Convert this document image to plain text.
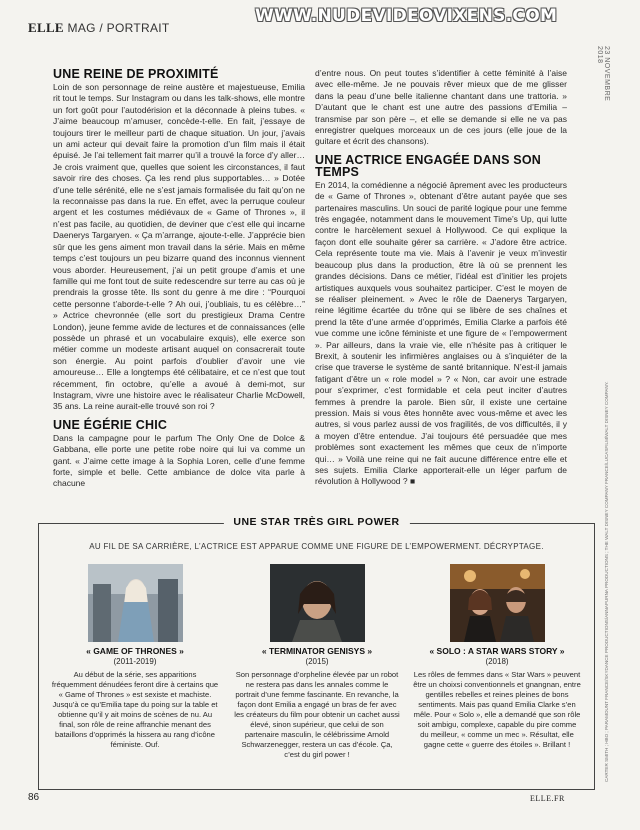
ELLE MAG / PORTRAIT
WWW.NUDEVIDEOVIXENS.COM
23 NOVEMBRE 2018
CARTER SMITH ; HBO ; PARAMOUNT FRANCE/SKYDANCE PRODUCTIONS/ANNAPURNA PRODUCTIONS ; THE WALT DISNEY COMPANY FRANCE/LUCASFILM/WALT DISNEY COMPANY.
UNE REINE DE PROXIMITÉ

Loin de son personnage de reine austère et majestueuse, Emilia rit tout le temps. Sur Instagram ou dans les talk-shows, elle montre un fort goût pour l’autodérision et la déconnade à pleins tubes. « J’aime beaucoup m’amuser, concède-t-elle. En fait, j’essaye de toujours tirer le meilleur parti de chaque situation. Un jour, j’avais un ami acteur qui devait faire la promotion d’un film mais il était épuisé. Je l’ai tellement fait marrer qu’il a trouvé la force d’y aller… Je crois vraiment que, quelles que soient les circonstances, il faut savoir rire des choses. Ça les rend plus supportables… » Dotée d’une telle sérénité, elle ne s’est jamais formalisée du fait qu’on ne la reconnaisse pas dans la rue. En effet, avec la perruque couleur argent et les costumes médiévaux de « Game of Thrones », il n’est pas facile, au quotidien, de deviner que c’est elle qui incarne Daenerys Targaryen. « Ça m’arrange, ajoute-t-elle. J’apprécie bien sûr que les gens aiment mon travail dans la série. Mais en même temps c’est toujours un peu bizarre quand des inconnus viennent vous aborder. Heureusement, j’ai un petit groupe d’amis et une famille qui me font tout de suite redescendre sur terre au cas où je prendrais la grosse tête. Ils sont du genre à me dire : “Pourquoi cette personne t’aborde-t-elle ? Ah oui, j’oubliais, tu es célèbre…” » Actrice chevronnée (elle sort du prestigieux Drama Centre London), jeune femme avide de lectures et de connaissances (elle possède un phrasé et un vocabulaire exquis), elle exerce son métier comme un modeste artisant auquel on consacrerait toute son énergie. Au point parfois d’oublier d’avoir une vie amoureuse… Elle a longtemps été célibataire, et ce n’est que tout récemment, fin octobre, qu’elle a avoué à demi-mot, sur Instagram, vivre une histoire avec le réalisateur Charlie McDowell, 35 ans. La reine aurait-elle trouvé son roi ?

UNE ÉGÉRIE CHIC

Dans la campagne pour le parfum The Only One de Dolce & Gabbana, elle porte une petite robe noire qui lui va comme un gant. « J’aime cette image à la Sophia Loren, celle d’une femme forte, simple et belle. Cette ambiance de dolce vita parle à chacune

d’entre nous. On peut toutes s’identifier à cette féminité à l’aise avec elle-même. Je ne pouvais rêver mieux que de me glisser dans la peau d’une belle italienne chantant dans une trattoria. » D’autant que le chant est une autre des passions d’Emilia – transmise par son père –, et elle se demande si elle ne va pas enregistrer quelques morceaux un de ces jours (elle joue de la guitare et écrit des chansons).

UNE ACTRICE ENGAGÉE DANS SON TEMPS

En 2014, la comédienne a négocié âprement avec les producteurs de « Game of Thrones », obtenant d’être autant payée que ses partenaires masculins. Un souci de parité logique pour une femme très engagée, notamment dans le mouvement Time’s Up, qui lutte contre le harcèlement sexuel à Hollywood. Ce qui explique la façon dont elle souhaite gérer sa carrière. « J’adore être actrice. Cela représente toute ma vie. Mais à l’avenir je veux m’investir beaucoup plus dans la production, être là où se prennent les grandes décisions. Dans ce métier, l’idéal est d’initier les projets artistiques auxquels vous souhaitez participer. C’est le moyen de se réaliser pleinement. » Avec le rôle de Daenerys Targaryen, reine légitime écartée du trône qui se libère de ses chaînes et prend la tête d’une armée d’opprimés, Emilia Clarke a parfois été vue comme une icône féministe et une figure de « l’empowerment ». Par ailleurs, dans la vraie vie, elle n’hésite pas à critiquer le Brexit, à soutenir les infirmières anglaises ou à s’inquiéter de la crise que traverse le système de santé britannique. N’est-il jamais fatigant d’être un « role model » ? « Non, car avoir une estrade pour s’exprimer, c’est formidable et cela peut inciter d’autres femmes à prendre la parole. Bien sûr, il existe une certaine pression. Mais si vous êtes honnête avec vous-même et avec les autres, si vous parlez aussi de vos fragilités, de vos difficultés, il y a moyen d’être entendue. J’ai toujours été persuadée que mes problèmes sont exactement les mêmes que ceux de n’importe qui… » Voilà une reine qui ne fait aucune différence entre elle et ses sujets. Emilia Clarke apporterait-elle un léger parfum de révolution à Hollywood ? ■

UNE STAR TRÈS GIRL POWER
AU FIL DE SA CARRIÈRE, L’ACTRICE EST APPARUE COMME UNE FIGURE DE L’EMPOWERMENT. DÉCRYPTAGE.
« GAME OF THRONES »
(2011-2019)
Au début de la série, ses apparitions fréquemment dénudées feront dire à certains que « Game of Thrones » est sexiste et machiste. Jusqu’à ce qu’Emilia tape du poing sur la table et obtienne qu’il y ait moins de scènes de nu. Au final, son rôle de reine affranchie menant des bataillons d’opprimés la hissera au rang d’icône féministe. Ouf.
« TERMINATOR GENISYS »
(2015)
Son personnage d’orpheline élevée par un robot ne restera pas dans les annales comme le portrait d’une femme fascinante. En revanche, la façon dont Emilia a engagé un bras de fer avec les créateurs du film pour obtenir un cachet aussi élevé, sinon supérieur, que celui de son partenaire masculin, le célébrissime Arnold Schwarzenegger, restera un cas d’école. Ça, c’est du girl power !
« SOLO : A STAR WARS STORY »
(2018)
Les rôles de femmes dans « Star Wars » peuvent être un choixsi conventionnels et gnangnan, entre gentilles rebelles et reines pleines de bons sentiments. Mais pas quand Emilia Clarke s’en mêle. Pour « Solo », elle a demandé que son rôle soit ambigu, complexe, capable du pire comme du meilleur, « comme un mec ». Résultat, elle gagne cette « guerre des étoiles ». Brillant !
86	ELLE.FR
